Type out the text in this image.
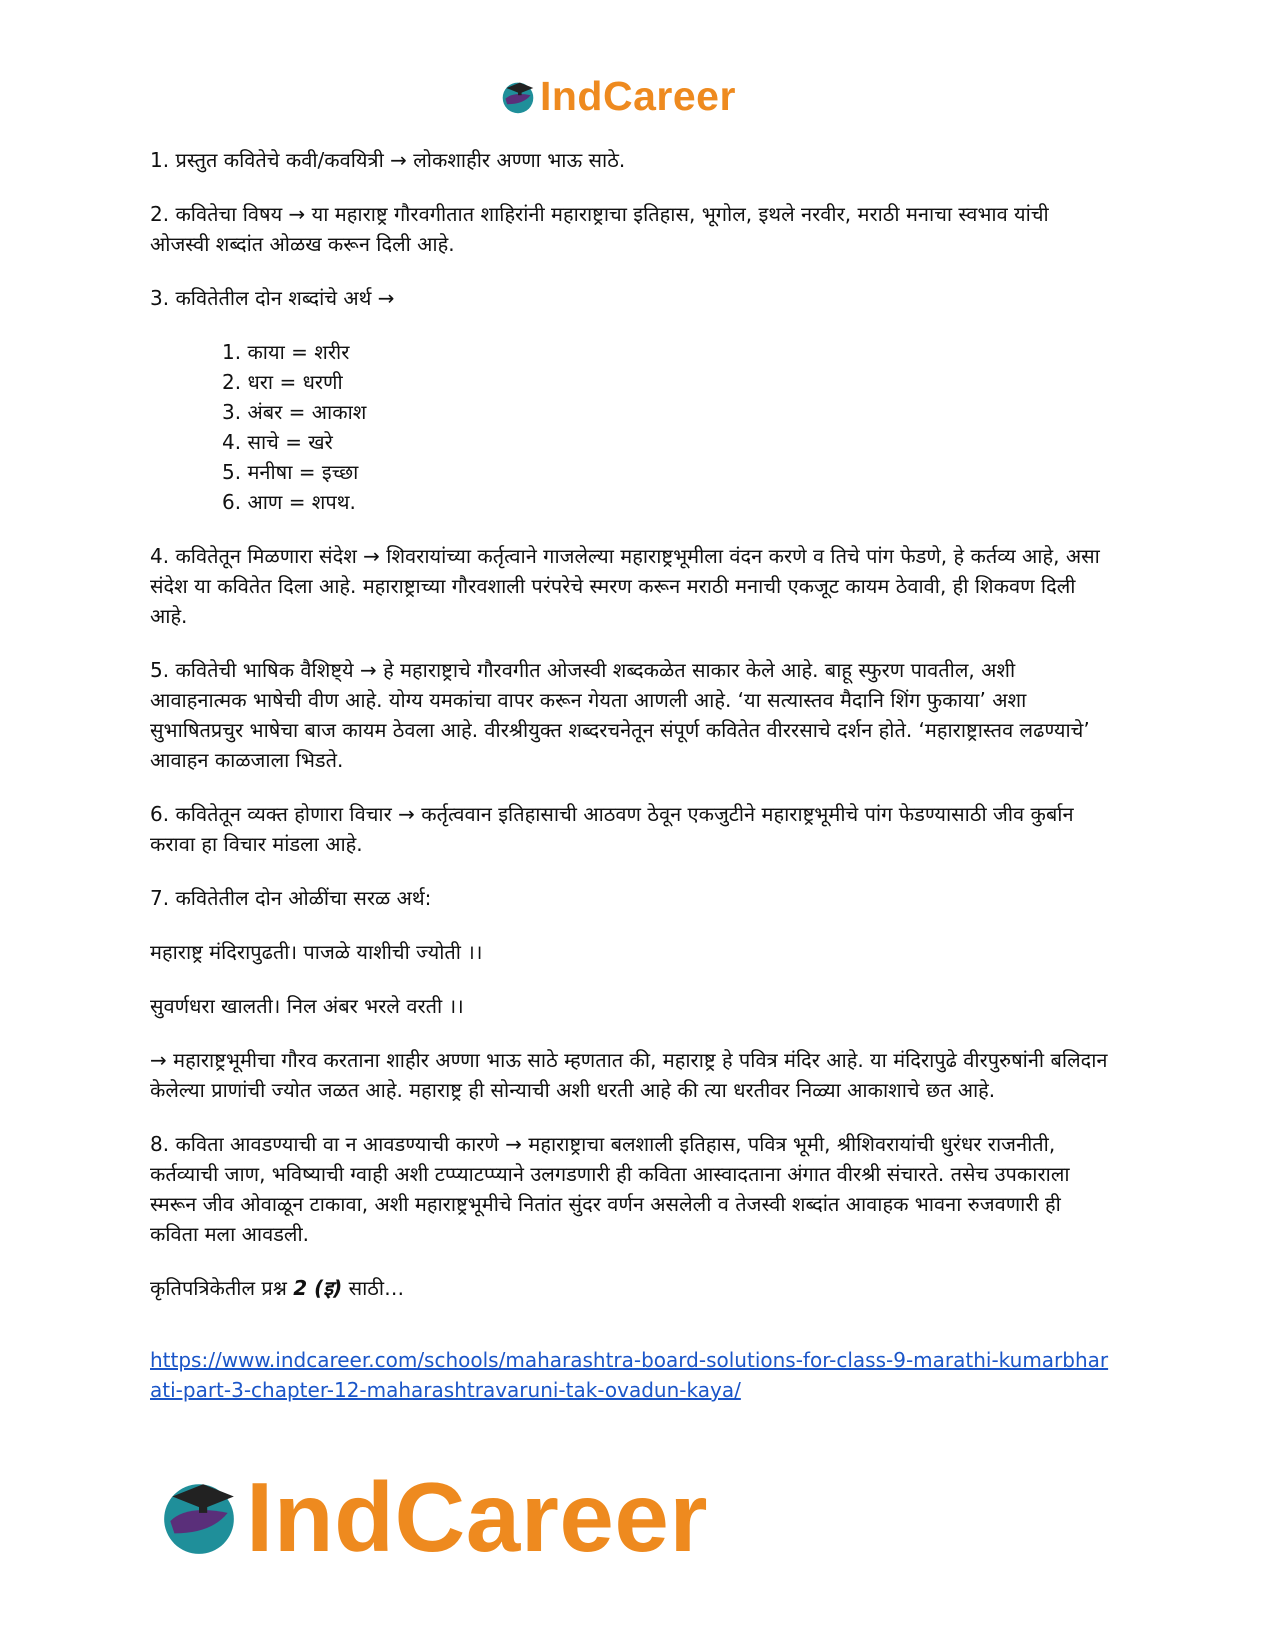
IndCareer

1. प्रस्तुत कवितेचे कवी/कवयित्री → लोकशाहीर अण्णा भाऊ साठे.

2. कवितेचा विषय → या महाराष्ट्र गौरवगीतात शाहिरांनी महाराष्ट्राचा इतिहास, भूगोल, इथले नरवीर, मराठी मनाचा स्वभाव यांची ओजस्वी शब्दांत ओळख करून दिली आहे.

3. कवितेतील दोन शब्दांचे अर्थ →

1. काया = शरीर
2. धरा = धरणी
3. अंबर = आकाश
4. साचे = खरे
5. मनीषा = इच्छा
6. आण = शपथ.

4. कवितेतून मिळणारा संदेश → शिवरायांच्या कर्तृत्वाने गाजलेल्या महाराष्ट्रभूमीला वंदन करणे व तिचे पांग फेडणे, हे कर्तव्य आहे, असा संदेश या कवितेत दिला आहे. महाराष्ट्राच्या गौरवशाली परंपरेचे स्मरण करून मराठी मनाची एकजूट कायम ठेवावी, ही शिकवण दिली आहे.

5. कवितेची भाषिक वैशिष्ट्ये → हे महाराष्ट्राचे गौरवगीत ओजस्वी शब्दकळेत साकार केले आहे. बाहू स्फुरण पावतील, अशी आवाहनात्मक भाषेची वीण आहे. योग्य यमकांचा वापर करून गेयता आणली आहे. ‘या सत्यास्तव मैदानि शिंग फुकाया’ अशा सुभाषितप्रचुर भाषेचा बाज कायम ठेवला आहे. वीरश्रीयुक्त शब्दरचनेतून संपूर्ण कवितेत वीररसाचे दर्शन होते. ‘महाराष्ट्रास्तव लढण्याचे’ आवाहन काळजाला भिडते.

6. कवितेतून व्यक्त होणारा विचार → कर्तृत्ववान इतिहासाची आठवण ठेवून एकजुटीने महाराष्ट्रभूमीचे पांग फेडण्यासाठी जीव कुर्बान करावा हा विचार मांडला आहे.

7. कवितेतील दोन ओळींचा सरळ अर्थ:

महाराष्ट्र मंदिरापुढती। पाजळे याशीची ज्योती ।।

सुवर्णधरा खालती। निल अंबर भरले वरती ।।

→ महाराष्ट्रभूमीचा गौरव करताना शाहीर अण्णा भाऊ साठे म्हणतात की, महाराष्ट्र हे पवित्र मंदिर आहे. या मंदिरापुढे वीरपुरुषांनी बलिदान केलेल्या प्राणांची ज्योत जळत आहे. महाराष्ट्र ही सोन्याची अशी धरती आहे की त्या धरतीवर निळ्या आकाशाचे छत आहे.

8. कविता आवडण्याची वा न आवडण्याची कारणे → महाराष्ट्राचा बलशाली इतिहास, पवित्र भूमी, श्रीशिवरायांची धुरंधर राजनीती, कर्तव्याची जाण, भविष्याची ग्वाही अशी टप्प्याटप्प्याने उलगडणारी ही कविता आस्वादताना अंगात वीरश्री संचारते. तसेच उपकाराला स्मरून जीव ओवाळून टाकावा, अशी महाराष्ट्रभूमीचे नितांत सुंदर वर्णन असलेली व तेजस्वी शब्दांत आवाहक भावना रुजवणारी ही कविता मला आवडली.

कृतिपत्रिकेतील प्रश्न 2 (इ) साठी…

https://www.indcareer.com/schools/maharashtra-board-solutions-for-class-9-marathi-kumarbharati-part-3-chapter-12-maharashtravaruni-tak-ovadun-kaya/
IndCareer
